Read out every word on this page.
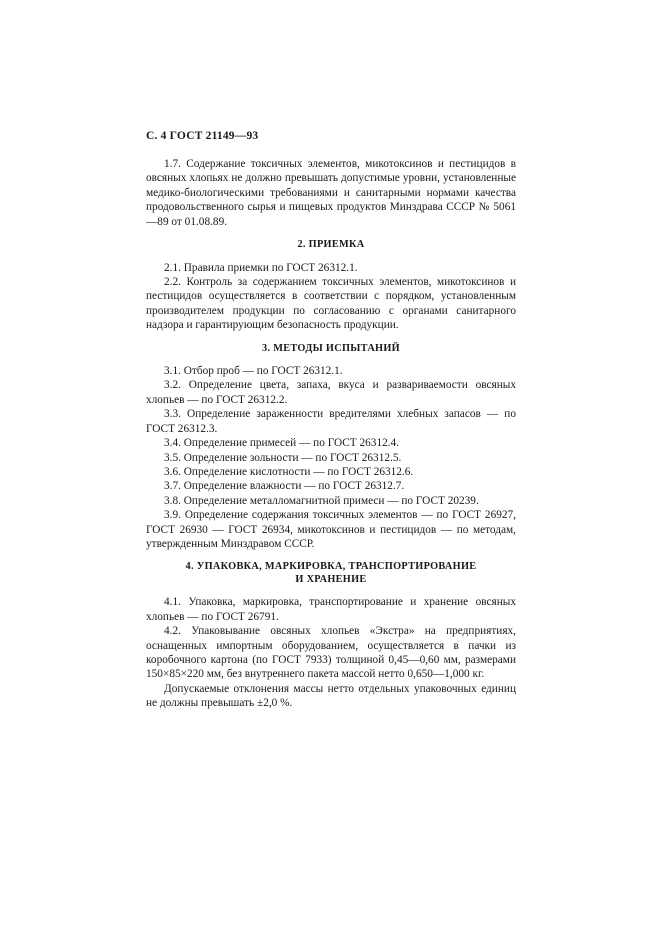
С. 4 ГОСТ 21149—93

1.7. Содержание токсичных элементов, микотоксинов и пестицидов в овсяных хлопьях не должно превышать допустимые уровни, установленные медико-биологическими требованиями и санитарными нормами качества продовольственного сырья и пищевых продуктов Минздрава СССР № 5061—89 от 01.08.89.

2. ПРИЕМКА

2.1. Правила приемки по ГОСТ 26312.1.

2.2. Контроль за содержанием токсичных элементов, микотоксинов и пестицидов осуществляется в соответствии с порядком, установленным производителем продукции по согласованию с органами санитарного надзора и гарантирующим безопасность продукции.

3. МЕТОДЫ ИСПЫТАНИЙ

3.1. Отбор проб — по ГОСТ 26312.1.

3.2. Определение цвета, запаха, вкуса и развариваемости овсяных хлопьев — по ГОСТ 26312.2.

3.3. Определение зараженности вредителями хлебных запасов — по ГОСТ 26312.3.

3.4. Определение примесей — по ГОСТ 26312.4.

3.5. Определение зольности — по ГОСТ 26312.5.

3.6. Определение кислотности — по ГОСТ 26312.6.

3.7. Определение влажности — по ГОСТ 26312.7.

3.8. Определение металломагнитной примеси — по ГОСТ 20239.

3.9. Определение содержания токсичных элементов — по ГОСТ 26927, ГОСТ 26930 — ГОСТ 26934, микотоксинов и пестицидов — по методам, утвержденным Минздравом СССР.

4. УПАКОВКА, МАРКИРОВКА, ТРАНСПОРТИРОВАНИЕ
И ХРАНЕНИЕ

4.1. Упаковка, маркировка, транспортирование и хранение овсяных хлопьев — по ГОСТ 26791.

4.2. Упаковывание овсяных хлопьев «Экстра» на предприятиях, оснащенных импортным оборудованием, осуществляется в пачки из коробочного картона (по ГОСТ 7933) толщиной 0,45—0,60 мм, размерами 150×85×220 мм, без внутреннего пакета массой нетто 0,650—1,000 кг.

Допускаемые отклонения массы нетто отдельных упаковочных единиц не должны превышать ±2,0 %.
